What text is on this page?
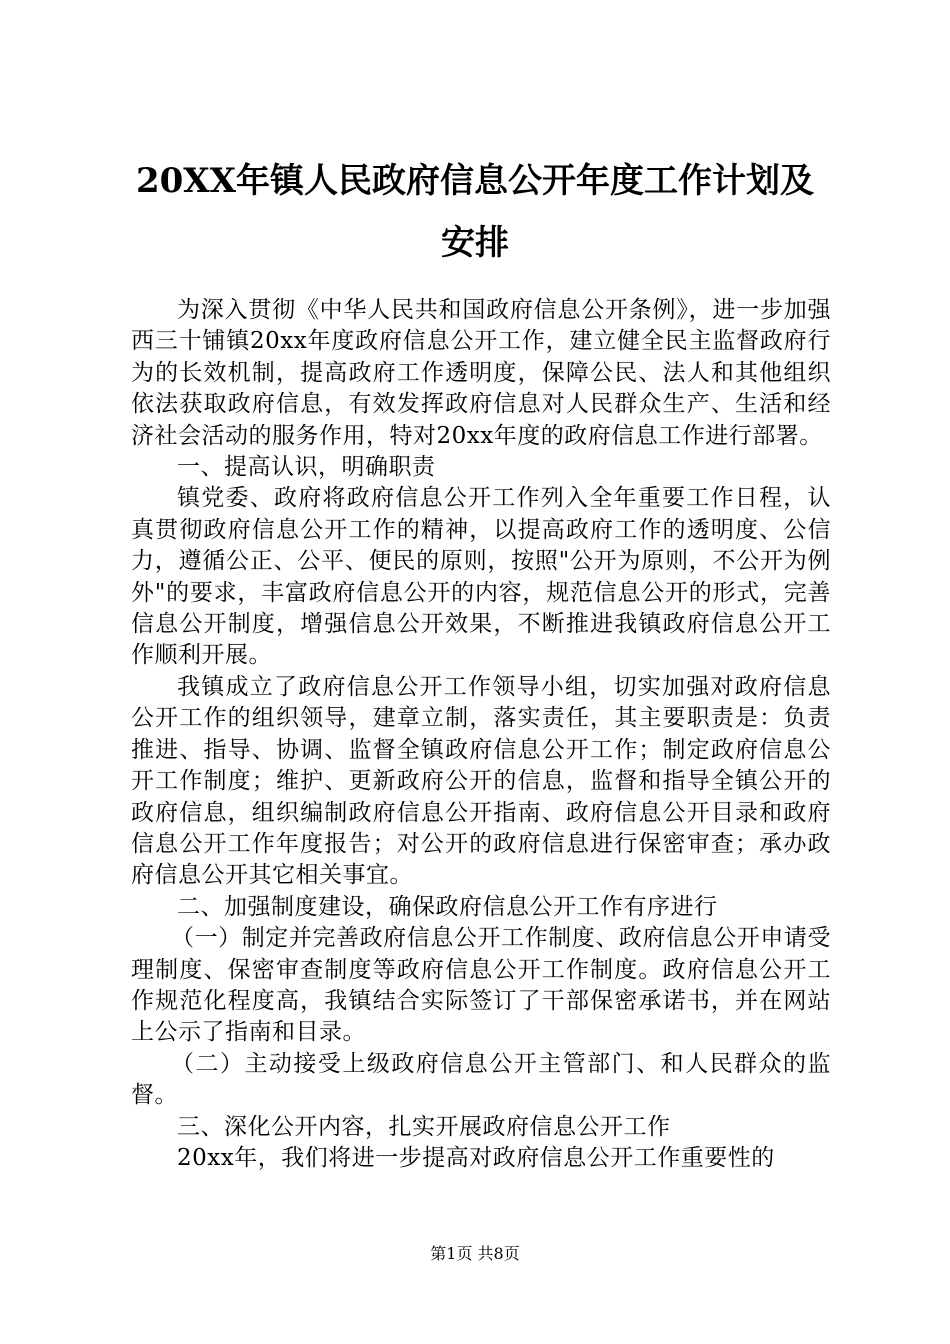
20XX年镇人民政府信息公开年度工作计划及
安排

为深入贯彻《中华人民共和国政府信息公开条例》，进一步加强西三十铺镇20xx年度政府信息公开工作，建立健全民主监督政府行为的长效机制，提高政府工作透明度，保障公民、法人和其他组织依法获取政府信息，有效发挥政府信息对人民群众生产、生活和经济社会活动的服务作用，特对20xx年度的政府信息工作进行部署。

一、提高认识，明确职责

镇党委、政府将政府信息公开工作列入全年重要工作日程，认真贯彻政府信息公开工作的精神，以提高政府工作的透明度、公信力，遵循公正、公平、便民的原则，按照"公开为原则，不公开为例外"的要求，丰富政府信息公开的内容，规范信息公开的形式，完善信息公开制度，增强信息公开效果，不断推进我镇政府信息公开工作顺利开展。

我镇成立了政府信息公开工作领导小组，切实加强对政府信息公开工作的组织领导，建章立制，落实责任，其主要职责是：负责推进、指导、协调、监督全镇政府信息公开工作；制定政府信息公开工作制度；维护、更新政府公开的信息，监督和指导全镇公开的政府信息，组织编制政府信息公开指南、政府信息公开目录和政府信息公开工作年度报告；对公开的政府信息进行保密审查；承办政府信息公开其它相关事宜。

二、加强制度建设，确保政府信息公开工作有序进行

（一）制定并完善政府信息公开工作制度、政府信息公开申请受理制度、保密审查制度等政府信息公开工作制度。政府信息公开工作规范化程度高，我镇结合实际签订了干部保密承诺书，并在网站上公示了指南和目录。

（二）主动接受上级政府信息公开主管部门、和人民群众的监督。

三、深化公开内容，扎实开展政府信息公开工作

20xx年，我们将进一步提高对政府信息公开工作重要性的

第1页 共8页
